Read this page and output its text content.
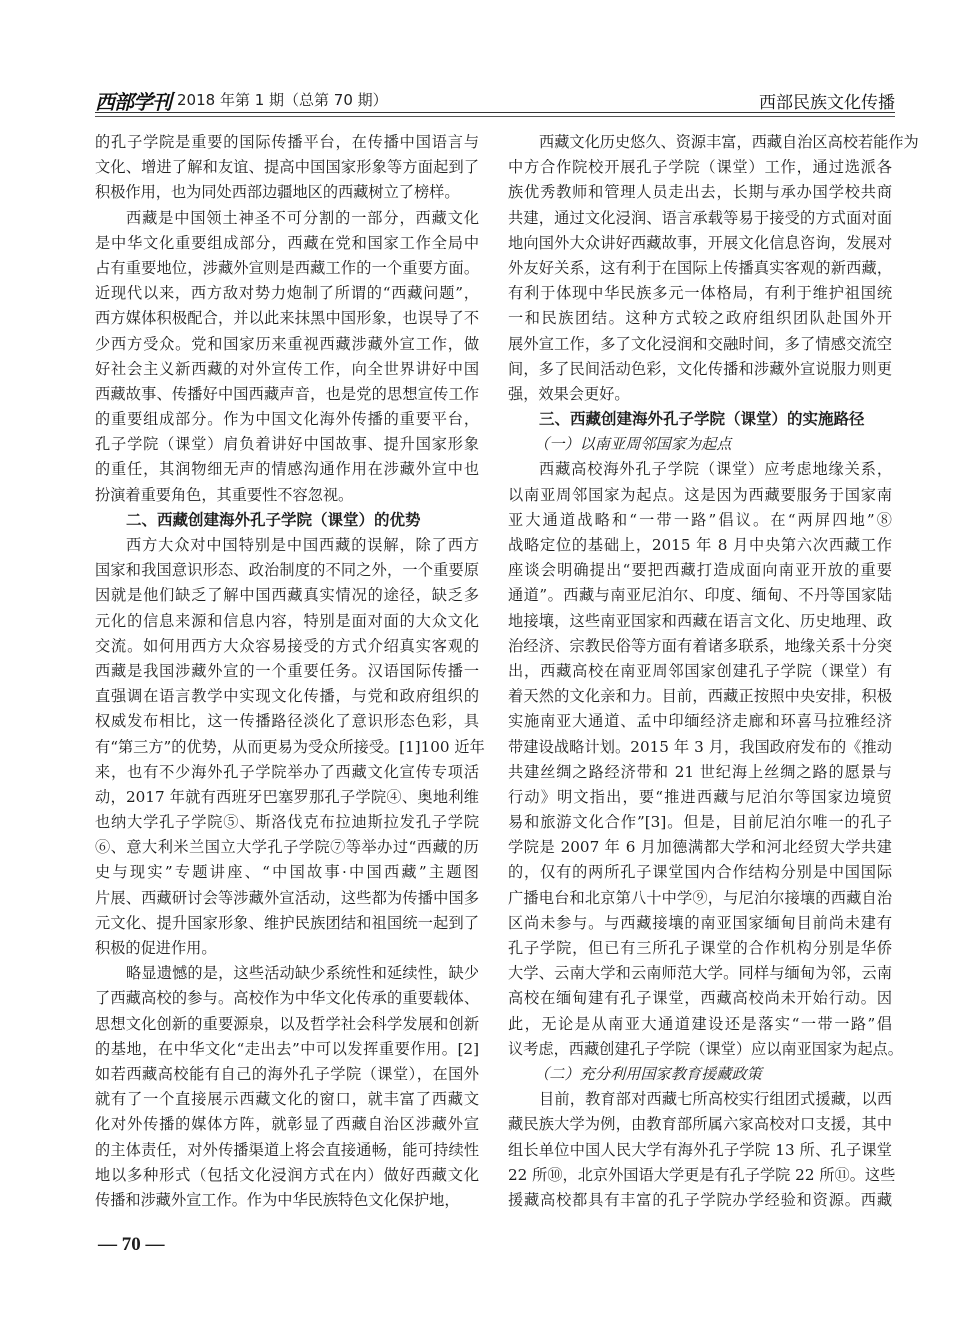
西部学刊 2018 年第 1 期（总第 70 期）	西部民族文化传播
的孔子学院是重要的国际传播平台，在传播中国语言与
文化、增进了解和友谊、提高中国国家形象等方面起到了
积极作用，也为同处西部边疆地区的西藏树立了榜样。
西藏是中国领土神圣不可分割的一部分，西藏文化
是中华文化重要组成部分，西藏在党和国家工作全局中
占有重要地位，涉藏外宣则是西藏工作的一个重要方面。
近现代以来，西方敌对势力炮制了所谓的“西藏问题”，
西方媒体积极配合，并以此来抹黑中国形象，也误导了不
少西方受众。党和国家历来重视西藏涉藏外宣工作，做
好社会主义新西藏的对外宣传工作，向全世界讲好中国
西藏故事、传播好中国西藏声音，也是党的思想宣传工作
的重要组成部分。作为中国文化海外传播的重要平台，
孔子学院（课堂）肩负着讲好中国故事、提升国家形象
的重任，其润物细无声的情感沟通作用在涉藏外宣中也
扮演着重要角色，其重要性不容忽视。
二、西藏创建海外孔子学院（课堂）的优势
西方大众对中国特别是中国西藏的误解，除了西方
国家和我国意识形态、政治制度的不同之外，一个重要原
因就是他们缺乏了解中国西藏真实情况的途径，缺乏多
元化的信息来源和信息内容，特别是面对面的大众文化
交流。如何用西方大众容易接受的方式介绍真实客观的
西藏是我国涉藏外宣的一个重要任务。汉语国际传播一
直强调在语言教学中实现文化传播，与党和政府组织的
权威发布相比，这一传播路径淡化了意识形态色彩，具
有“第三方”的优势，从而更易为受众所接受。[1]100 近年
来，也有不少海外孔子学院举办了西藏文化宣传专项活
动，2017 年就有西班牙巴塞罗那孔子学院④、奥地利维
也纳大学孔子学院⑤、斯洛伐克布拉迪斯拉发孔子学院
⑥、意大利米兰国立大学孔子学院⑦等举办过“西藏的历
史与现实”专题讲座、“中国故事·中国西藏”主题图
片展、西藏研讨会等涉藏外宣活动，这些都为传播中国多
元文化、提升国家形象、维护民族团结和祖国统一起到了
积极的促进作用。
略显遗憾的是，这些活动缺少系统性和延续性，缺少
了西藏高校的参与。高校作为中华文化传承的重要载体、
思想文化创新的重要源泉，以及哲学社会科学发展和创新
的基地，在中华文化“走出去”中可以发挥重要作用。[2]
如若西藏高校能有自己的海外孔子学院（课堂），在国外
就有了一个直接展示西藏文化的窗口，就丰富了西藏文
化对外传播的媒体方阵，就彰显了西藏自治区涉藏外宣
的主体责任，对外传播渠道上将会直接通畅，能可持续性
地以多种形式（包括文化浸润方式在内）做好西藏文化
传播和涉藏外宣工作。作为中华民族特色文化保护地，
西藏文化历史悠久、资源丰富，西藏自治区高校若能作为
中方合作院校开展孔子学院（课堂）工作，通过选派各
族优秀教师和管理人员走出去，长期与承办国学校共商
共建，通过文化浸润、语言承载等易于接受的方式面对面
地向国外大众讲好西藏故事，开展文化信息咨询，发展对
外友好关系，这有利于在国际上传播真实客观的新西藏，
有利于体现中华民族多元一体格局，有利于维护祖国统
一和民族团结。这种方式较之政府组织团队赴国外开
展外宣工作，多了文化浸润和交融时间，多了情感交流空
间，多了民间活动色彩，文化传播和涉藏外宣说服力则更
强，效果会更好。
三、西藏创建海外孔子学院（课堂）的实施路径
（一）以南亚周邻国家为起点
西藏高校海外孔子学院（课堂）应考虑地缘关系，
以南亚周邻国家为起点。这是因为西藏要服务于国家南
亚大通道战略和“一带一路”倡议。在“两屏四地”⑧
战略定位的基础上，2015 年 8 月中央第六次西藏工作
座谈会明确提出“要把西藏打造成面向南亚开放的重要
通道”。西藏与南亚尼泊尔、印度、缅甸、不丹等国家陆
地接壤，这些南亚国家和西藏在语言文化、历史地理、政
治经济、宗教民俗等方面有着诸多联系，地缘关系十分突
出，西藏高校在南亚周邻国家创建孔子学院（课堂）有
着天然的文化亲和力。目前，西藏正按照中央安排，积极
实施南亚大通道、孟中印缅经济走廊和环喜马拉雅经济
带建设战略计划。2015 年 3 月，我国政府发布的《推动
共建丝绸之路经济带和 21 世纪海上丝绸之路的愿景与
行动》明文指出，要“推进西藏与尼泊尔等国家边境贸
易和旅游文化合作”[3]。但是，目前尼泊尔唯一的孔子
学院是 2007 年 6 月加德满都大学和河北经贸大学共建
的，仅有的两所孔子课堂国内合作结构分别是中国国际
广播电台和北京第八十中学⑨，与尼泊尔接壤的西藏自治
区尚未参与。与西藏接壤的南亚国家缅甸目前尚未建有
孔子学院，但已有三所孔子课堂的合作机构分别是华侨
大学、云南大学和云南师范大学。同样与缅甸为邻，云南
高校在缅甸建有孔子课堂，西藏高校尚未开始行动。因
此，无论是从南亚大通道建设还是落实“一带一路”倡
议考虑，西藏创建孔子学院（课堂）应以南亚国家为起点。
（二）充分利用国家教育援藏政策
目前，教育部对西藏七所高校实行组团式援藏，以西
藏民族大学为例，由教育部所属六家高校对口支援，其中
组长单位中国人民大学有海外孔子学院 13 所、孔子课堂
22 所⑩，北京外国语大学更是有孔子学院 22 所⑪。这些
援藏高校都具有丰富的孔子学院办学经验和资源。西藏
— 70 —
